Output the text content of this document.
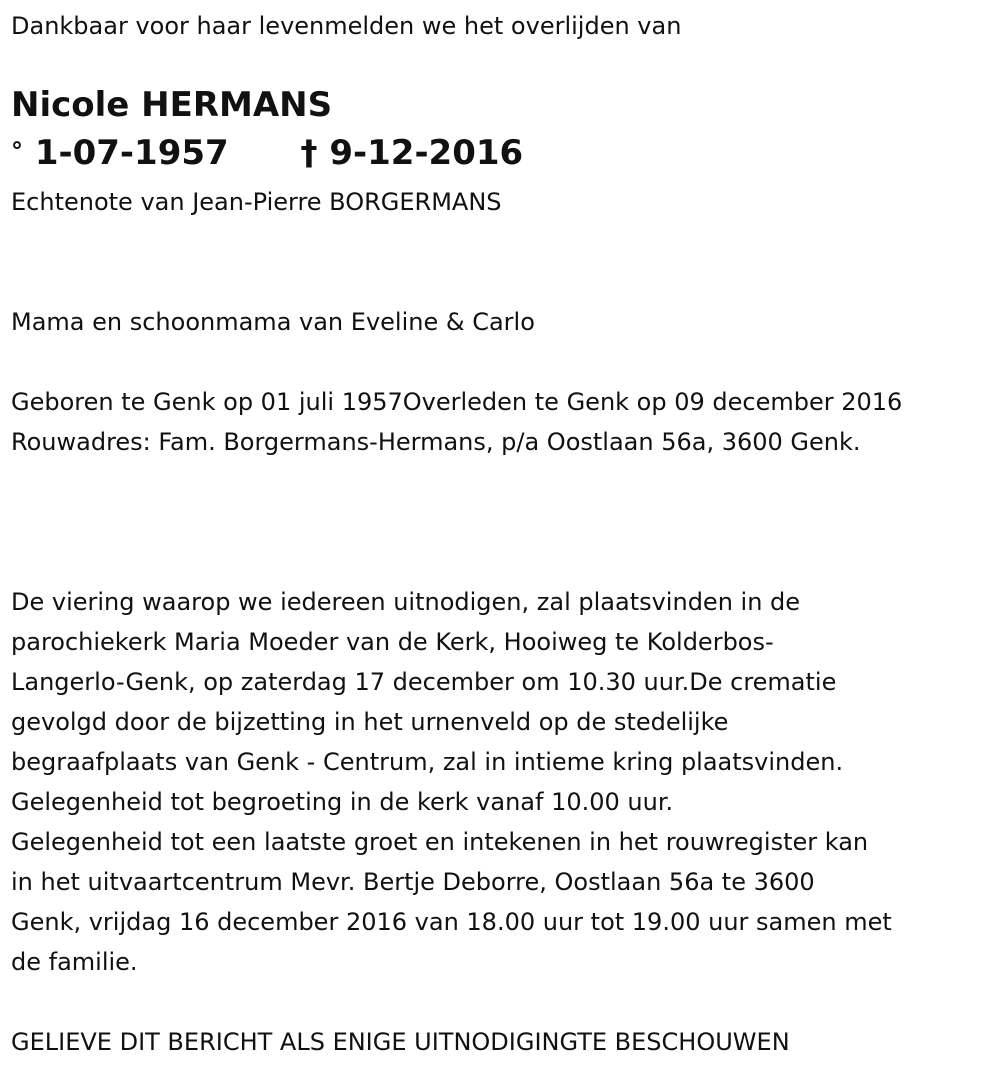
Dankbaar voor haar levenmelden we het overlijden van

Nicole HERMANS
° 1-07-1957 † 9-12-2016

Echtenote van Jean-Pierre BORGERMANS

Mama en schoonmama van Eveline & Carlo

Geboren te Genk op 01 juli 1957Overleden te Genk op 09 december 2016

Rouwadres: Fam. Borgermans-Hermans, p/a Oostlaan 56a, 3600 Genk.

De viering waarop we iedereen uitnodigen, zal plaatsvinden in de

parochiekerk Maria Moeder van de Kerk, Hooiweg te Kolderbos-

Langerlo-Genk, op zaterdag 17 december om 10.30 uur.De crematie

gevolgd door de bijzetting in het urnenveld op de stedelijke

begraafplaats van Genk - Centrum, zal in intieme kring plaatsvinden.

Gelegenheid tot begroeting in de kerk vanaf 10.00 uur.

Gelegenheid tot een laatste groet en intekenen in het rouwregister kan

in het uitvaartcentrum Mevr. Bertje Deborre, Oostlaan 56a te 3600

Genk, vrijdag 16 december 2016 van 18.00 uur tot 19.00 uur samen met

de familie.

GELIEVE DIT BERICHT ALS ENIGE UITNODIGINGTE BESCHOUWEN
